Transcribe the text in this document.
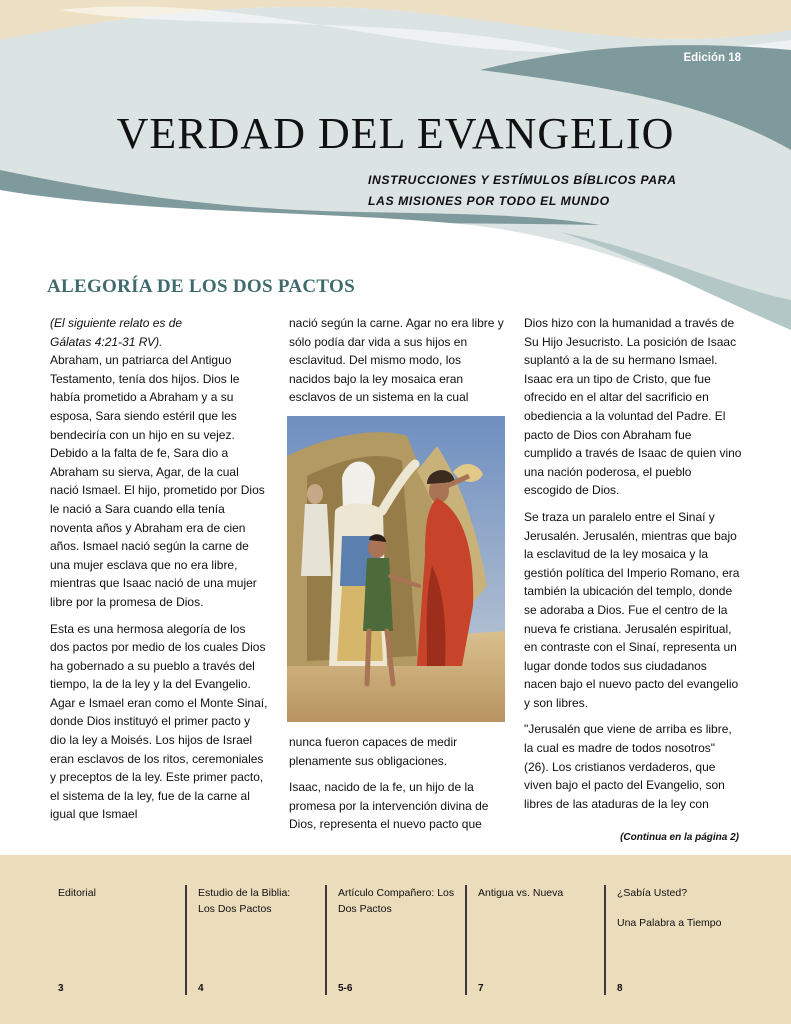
Edición 18
VERDAD DEL EVANGELIO
INSTRUCCIONES Y ESTÍMULOS BÍBLICOS PARA
LAS MISIONES POR TODO EL MUNDO
ALEGORÍA DE LOS DOS PACTOS
(El siguiente relato es de
Gálatas 4:21-31 RV).

Abraham, un patriarca del Antiguo Testamento, tenía dos hijos. Dios le había prometido a Abraham y a su esposa, Sara siendo estéril que les bendeciría con un hijo en su vejez. Debido a la falta de fe, Sara dio a Abraham su sierva, Agar, de la cual nació Ismael. El hijo, prometido por Dios le nació a Sara cuando ella tenía noventa años y Abraham era de cien años. Ismael nació según la carne de una mujer esclava que no era libre, mientras que Isaac nació de una mujer libre por la promesa de Dios.

Esta es una hermosa alegoría de los dos pactos por medio de los cuales Dios ha gobernado a su pueblo a través del tiempo, la de la ley y la del Evangelio. Agar e Ismael eran como el Monte Sinaí, donde Dios instituyó el primer pacto y dio la ley a Moisés. Los hijos de Israel eran esclavos de los ritos, ceremoniales y preceptos de la ley. Este primer pacto, el sistema de la ley, fue de la carne al igual que Ismael

nació según la carne. Agar no era libre y sólo podía dar vida a sus hijos en esclavitud. Del mismo modo, los nacidos bajo la ley mosaica eran esclavos de un sistema en la cual

nunca fueron capaces de medir plenamente sus obligaciones.

Isaac, nacido de la fe, un hijo de la promesa por la intervención divina de Dios, representa el nuevo pacto que

Dios hizo con la humanidad a través de Su Hijo Jesucristo. La posición de Isaac suplantó a la de su hermano Ismael. Isaac era un tipo de Cristo, que fue ofrecido en el altar del sacrificio en obediencia a la voluntad del Padre. El pacto de Dios con Abraham fue cumplido a través de Isaac de quien vino una nación poderosa, el pueblo escogido de Dios.

Se traza un paralelo entre el Sinaí y Jerusalén. Jerusalén, mientras que bajo la esclavitud de la ley mosaica y la gestión política del Imperio Romano, era también la ubicación del templo, donde se adoraba a Dios. Fue el centro de la nueva fe cristiana. Jerusalén espiritual, en contraste con el Sinaí, representa un lugar donde todos sus ciudadanos nacen bajo el nuevo pacto del evangelio y son libres.

"Jerusalén que viene de arriba es libre, la cual es madre de todos nosotros" (26). Los cristianos verdaderos, que viven bajo el pacto del Evangelio, son libres de las ataduras de la ley con

(Continua en la página 2)
Editorial
3
Estudio de la Biblia: Los Dos Pactos
4
Artículo Compañero: Los Dos Pactos
5-6
Antigua vs. Nueva
7
¿Sabía Usted?
Una Palabra a Tiempo
8
